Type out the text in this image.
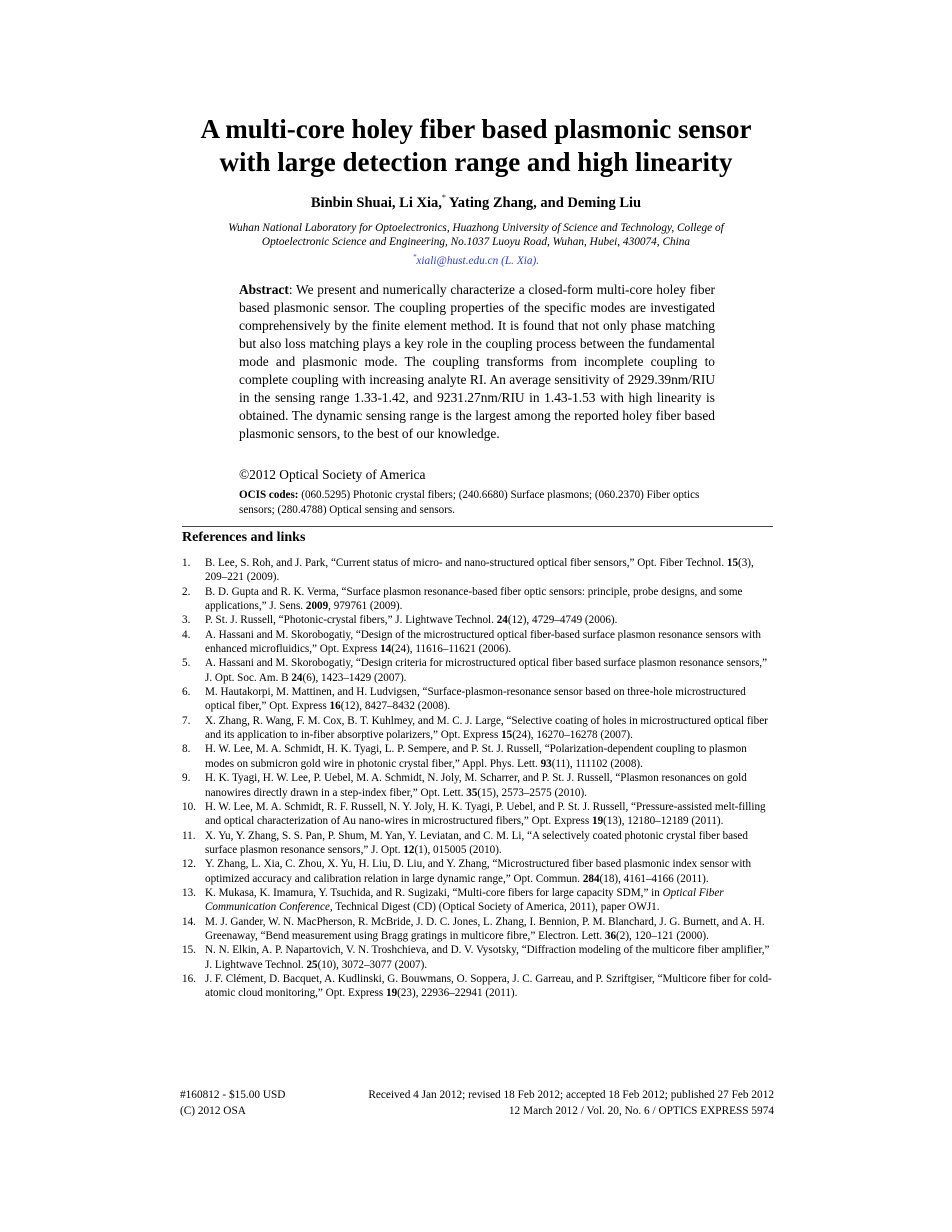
A multi-core holey fiber based plasmonic sensor
with large detection range and high linearity
Binbin Shuai, Li Xia,* Yating Zhang, and Deming Liu
Wuhan National Laboratory for Optoelectronics, Huazhong University of Science and Technology, College of
Optoelectronic Science and Engineering, No.1037 Luoyu Road, Wuhan, Hubei, 430074, China
*xiali@hust.edu.cn (L. Xia).
Abstract: We present and numerically characterize a closed-form multi-core holey fiber based plasmonic sensor. The coupling properties of the specific modes are investigated comprehensively by the finite element method. It is found that not only phase matching but also loss matching plays a key role in the coupling process between the fundamental mode and plasmonic mode. The coupling transforms from incomplete coupling to complete coupling with increasing analyte RI. An average sensitivity of 2929.39nm/RIU in the sensing range 1.33-1.42, and 9231.27nm/RIU in 1.43-1.53 with high linearity is obtained. The dynamic sensing range is the largest among the reported holey fiber based plasmonic sensors, to the best of our knowledge.
©2012 Optical Society of America
OCIS codes: (060.5295) Photonic crystal fibers; (240.6680) Surface plasmons; (060.2370) Fiber optics sensors; (280.4788) Optical sensing and sensors.
References and links
1. B. Lee, S. Roh, and J. Park, “Current status of micro- and nano-structured optical fiber sensors,” Opt. Fiber Technol. 15(3), 209–221 (2009).
2. B. D. Gupta and R. K. Verma, “Surface plasmon resonance-based fiber optic sensors: principle, probe designs, and some applications,” J. Sens. 2009, 979761 (2009).
3. P. St. J. Russell, “Photonic-crystal fibers,” J. Lightwave Technol. 24(12), 4729–4749 (2006).
4. A. Hassani and M. Skorobogatiy, “Design of the microstructured optical fiber-based surface plasmon resonance sensors with enhanced microfluidics,” Opt. Express 14(24), 11616–11621 (2006).
5. A. Hassani and M. Skorobogatiy, “Design criteria for microstructured optical fiber based surface plasmon resonance sensors,” J. Opt. Soc. Am. B 24(6), 1423–1429 (2007).
6. M. Hautakorpi, M. Mattinen, and H. Ludvigsen, “Surface-plasmon-resonance sensor based on three-hole microstructured optical fiber,” Opt. Express 16(12), 8427–8432 (2008).
7. X. Zhang, R. Wang, F. M. Cox, B. T. Kuhlmey, and M. C. J. Large, “Selective coating of holes in microstructured optical fiber and its application to in-fiber absorptive polarizers,” Opt. Express 15(24), 16270–16278 (2007).
8. H. W. Lee, M. A. Schmidt, H. K. Tyagi, L. P. Sempere, and P. St. J. Russell, “Polarization-dependent coupling to plasmon modes on submicron gold wire in photonic crystal fiber,” Appl. Phys. Lett. 93(11), 111102 (2008).
9. H. K. Tyagi, H. W. Lee, P. Uebel, M. A. Schmidt, N. Joly, M. Scharrer, and P. St. J. Russell, “Plasmon resonances on gold nanowires directly drawn in a step-index fiber,” Opt. Lett. 35(15), 2573–2575 (2010).
10. H. W. Lee, M. A. Schmidt, R. F. Russell, N. Y. Joly, H. K. Tyagi, P. Uebel, and P. St. J. Russell, “Pressure-assisted melt-filling and optical characterization of Au nano-wires in microstructured fibers,” Opt. Express 19(13), 12180–12189 (2011).
11. X. Yu, Y. Zhang, S. S. Pan, P. Shum, M. Yan, Y. Leviatan, and C. M. Li, “A selectively coated photonic crystal fiber based surface plasmon resonance sensors,” J. Opt. 12(1), 015005 (2010).
12. Y. Zhang, L. Xia, C. Zhou, X. Yu, H. Liu, D. Liu, and Y. Zhang, “Microstructured fiber based plasmonic index sensor with optimized accuracy and calibration relation in large dynamic range,” Opt. Commun. 284(18), 4161–4166 (2011).
13. K. Mukasa, K. Imamura, Y. Tsuchida, and R. Sugizaki, “Multi-core fibers for large capacity SDM,” in Optical Fiber Communication Conference, Technical Digest (CD) (Optical Society of America, 2011), paper OWJ1.
14. M. J. Gander, W. N. MacPherson, R. McBride, J. D. C. Jones, L. Zhang, I. Bennion, P. M. Blanchard, J. G. Burnett, and A. H. Greenaway, “Bend measurement using Bragg gratings in multicore fibre,” Electron. Lett. 36(2), 120–121 (2000).
15. N. N. Elkin, A. P. Napartovich, V. N. Troshchieva, and D. V. Vysotsky, “Diffraction modeling of the multicore fiber amplifier,” J. Lightwave Technol. 25(10), 3072–3077 (2007).
16. J. F. Clément, D. Bacquet, A. Kudlinski, G. Bouwmans, O. Soppera, J. C. Garreau, and P. Szriftgiser, “Multicore fiber for cold-atomic cloud monitoring,” Opt. Express 19(23), 22936–22941 (2011).
#160812 - $15.00 USD	Received 4 Jan 2012; revised 18 Feb 2012; accepted 18 Feb 2012; published 27 Feb 2012
(C) 2012 OSA	12 March 2012 / Vol. 20, No. 6 / OPTICS EXPRESS 5974
